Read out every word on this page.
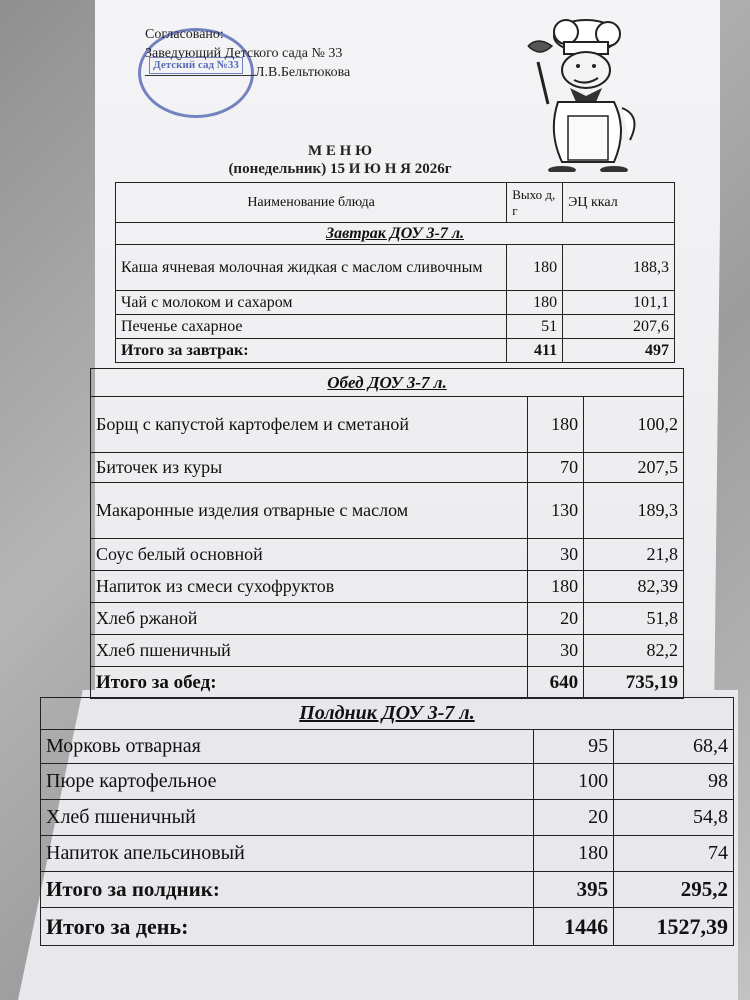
Детский сад №33
Согласовано:
Заведующий Детского сада № 33
Л.В.Бельтюкова
М Е Н Ю
(понедельник) 15 И Ю Н Я 2026г
Наименование блюда	Выхо д, г	ЭЦ ккал
Завтрак ДОУ 3-7 л.		
Каша ячневая молочная жидкая с маслом сливочным	180	188,3
Чай с молоком и сахаром	180	101,1
Печенье сахарное	51	207,6
Итого за завтрак:	411	497
Обед ДОУ 3-7 л.		
Борщ с капустой картофелем и сметаной	180	100,2
Биточек из куры	70	207,5
Макаронные изделия отварные с маслом	130	189,3
Соус белый основной	30	21,8
Напиток из смеси сухофруктов	180	82,39
Хлеб ржаной	20	51,8
Хлеб пшеничный	30	82,2
Итого за обед:	640	735,19
Полдник ДОУ 3-7 л.		
Морковь отварная	95	68,4
Пюре картофельное	100	98
Хлеб пшеничный	20	54,8
Напиток апельсиновый	180	74
Итого за полдник:	395	295,2
Итого за день:	1446	1527,39
